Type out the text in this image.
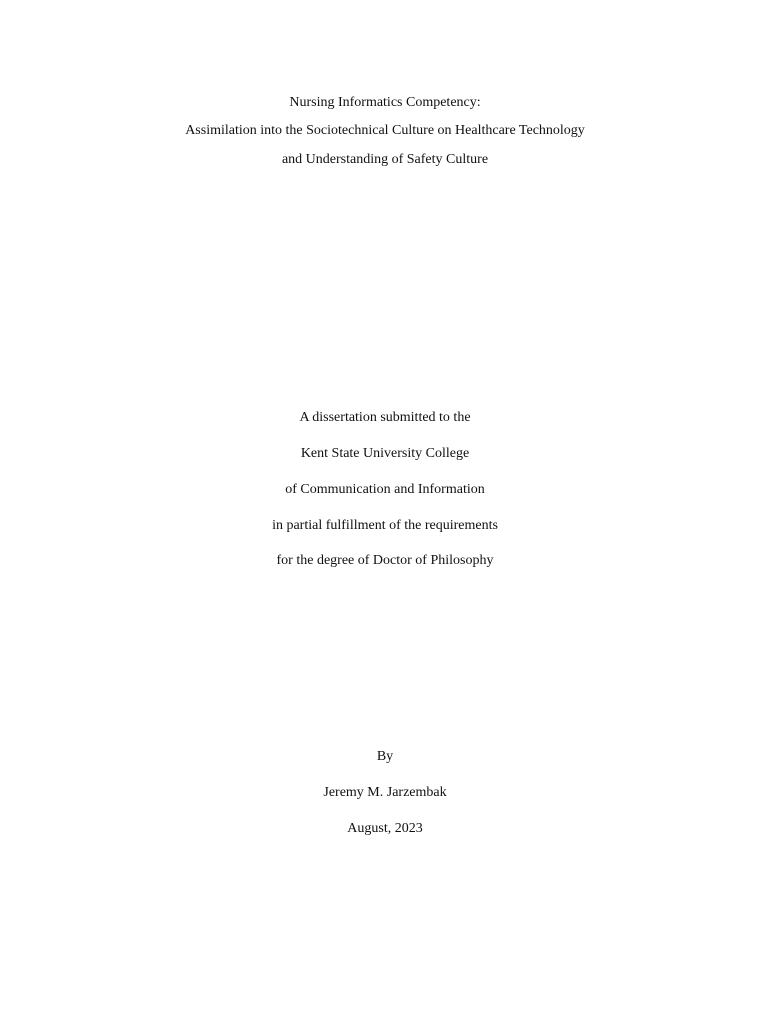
Nursing Informatics Competency:
Assimilation into the Sociotechnical Culture on Healthcare Technology
and Understanding of Safety Culture
A dissertation submitted to the
Kent State University College
of Communication and Information
in partial fulfillment of the requirements
for the degree of Doctor of Philosophy
By
Jeremy M. Jarzembak
August, 2023
